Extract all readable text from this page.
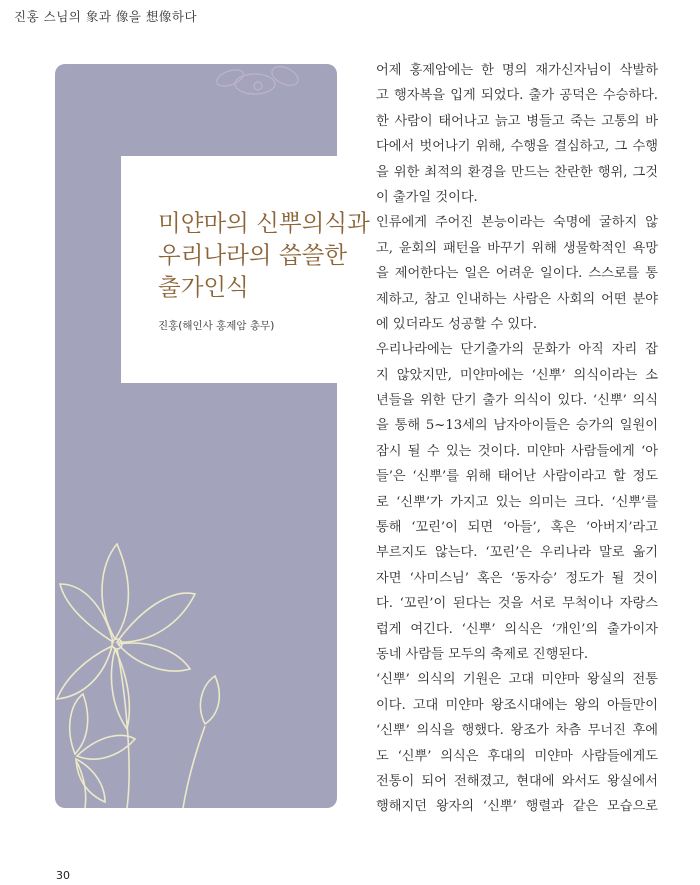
진홍 스님의 象과 像을 想像하다
미얀마의 신뿌의식과
우리나라의 씁쓸한
출가인식
진홍(해인사 홍제암 총무)
어제 홍제암에는 한 명의 재가신자님이 삭발하
고 행자복을 입게 되었다. 출가 공덕은 수승하다.
한 사람이 태어나고 늙고 병들고 죽는 고통의 바
다에서 벗어나기 위해, 수행을 결심하고, 그 수행
을 위한 최적의 환경을 만드는 찬란한 행위, 그것
이 출가일 것이다.
인류에게 주어진 본능이라는 숙명에 굴하지 않
고, 윤회의 패턴을 바꾸기 위해 생물학적인 욕망
을 제어한다는 일은 어려운 일이다. 스스로를 통
제하고, 참고 인내하는 사람은 사회의 어떤 분야
에 있더라도 성공할 수 있다.
우리나라에는 단기출가의 문화가 아직 자리 잡
지 않았지만, 미얀마에는 ‘신뿌’ 의식이라는 소
년들을 위한 단기 출가 의식이 있다. ‘신뿌’ 의식
을 통해 5~13세의 남자아이들은 승가의 일원이
잠시 될 수 있는 것이다. 미얀마 사람들에게 ‘아
들’은 ‘신뿌’를 위해 태어난 사람이라고 할 정도
로 ‘신뿌’가 가지고 있는 의미는 크다. ‘신뿌’를
통해 ‘꼬린’이 되면 ‘아들’, 혹은 ‘아버지’라고
부르지도 않는다. ‘꼬린’은 우리나라 말로 옮기
자면 ‘사미스님’ 혹은 ‘동자승’ 정도가 될 것이
다. ‘꼬린’이 된다는 것을 서로 무척이나 자랑스
럽게 여긴다. ‘신뿌’ 의식은 ‘개인’의 출가이자
동네 사람들 모두의 축제로 진행된다.
‘신뿌’ 의식의 기원은 고대 미얀마 왕실의 전통
이다. 고대 미얀마 왕조시대에는 왕의 아들만이
‘신뿌’ 의식을 행했다. 왕조가 차츰 무너진 후에
도 ‘신뿌’ 의식은 후대의 미얀마 사람들에게도
전통이 되어 전해졌고, 현대에 와서도 왕실에서
행해지던 왕자의 ‘신뿌’ 행렬과 같은 모습으로
30
